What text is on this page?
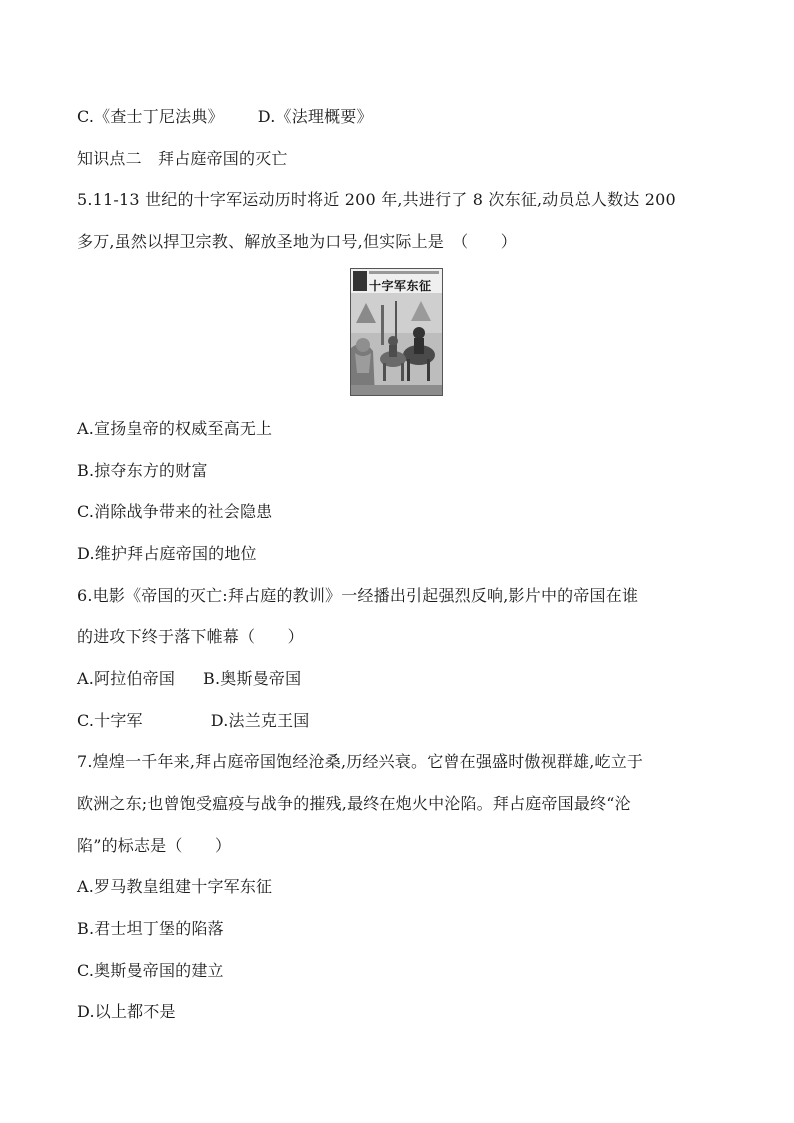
C.《查士丁尼法典》 D.《法理概要》
知识点二　拜占庭帝国的灭亡
5.11-13 世纪的十字军运动历时将近 200 年,共进行了 8 次东征,动员总人数达 200
多万,虽然以捍卫宗教、解放圣地为口号,但实际上是　（　　）
十字军东征
A.宣扬皇帝的权威至高无上
B.掠夺东方的财富
C.消除战争带来的社会隐患
D.维护拜占庭帝国的地位
6.电影《帝国的灭亡:拜占庭的教训》一经播出引起强烈反响,影片中的帝国在谁
的进攻下终于落下帷幕（　　）
A.阿拉伯帝国 B.奥斯曼帝国
C.十字军	D.法兰克王国
7.煌煌一千年来,拜占庭帝国饱经沧桑,历经兴衰。它曾在强盛时傲视群雄,屹立于
欧洲之东;也曾饱受瘟疫与战争的摧残,最终在炮火中沦陷。拜占庭帝国最终“沦
陷”的标志是（　　）
A.罗马教皇组建十字军东征
B.君士坦丁堡的陷落
C.奥斯曼帝国的建立
D.以上都不是
